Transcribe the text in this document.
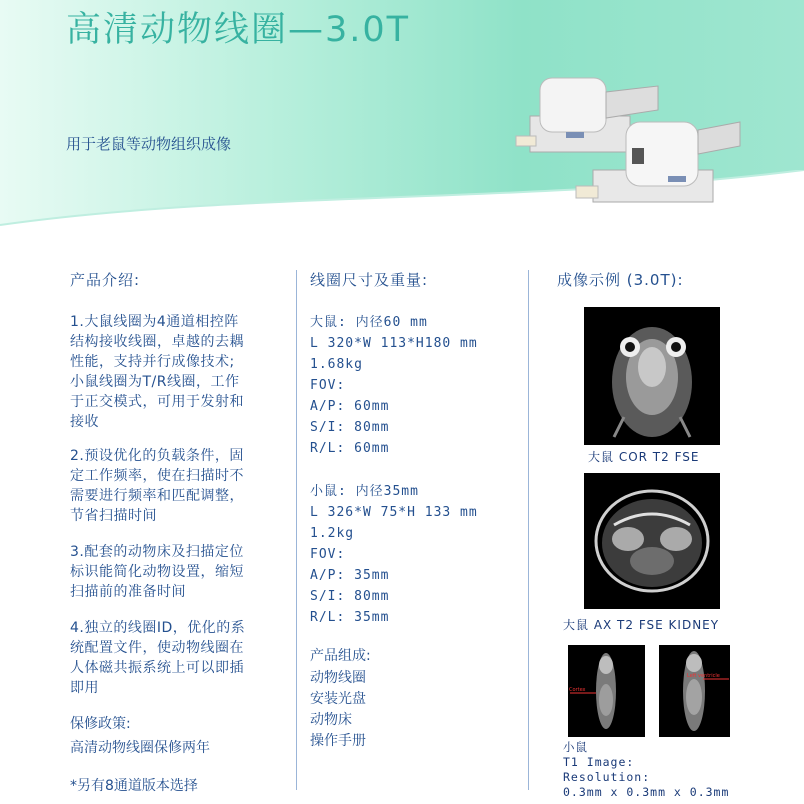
高清动物线圈—3.0T
用于老鼠等动物组织成像
产品介绍:
1.大鼠线圈为4通道相控阵
结构接收线圈，卓越的去耦
性能，支持并行成像技术;
小鼠线圈为T/R线圈，工作
于正交模式，可用于发射和
接收
2.预设优化的负载条件，固
定工作频率，使在扫描时不
需要进行频率和匹配调整，
节省扫描时间
3.配套的动物床及扫描定位
标识能简化动物设置，缩短
扫描前的准备时间
4.独立的线圈ID，优化的系
统配置文件，使动物线圈在
人体磁共振系统上可以即插
即用
保修政策:
高清动物线圈保修两年
*另有8通道版本选择
线圈尺寸及重量:
大鼠: 内径60 mm
L 320*W 113*H180 mm
1.68kg
FOV:
A/P: 60mm
S/I: 80mm
R/L: 60mm
小鼠: 内径35mm
L 326*W 75*H 133 mm
1.2kg
FOV:
A/P: 35mm
S/I: 80mm
R/L: 35mm
产品组成:
动物线圈
安装光盘
动物床
操作手册
成像示例 (3.0T):
大鼠 COR T2 FSE
大鼠 AX T2 FSE KIDNEY
Cortex
Left ventricle
小鼠
T1 Image:
Resolution:
0.3mm x 0.3mm x 0.3mm
